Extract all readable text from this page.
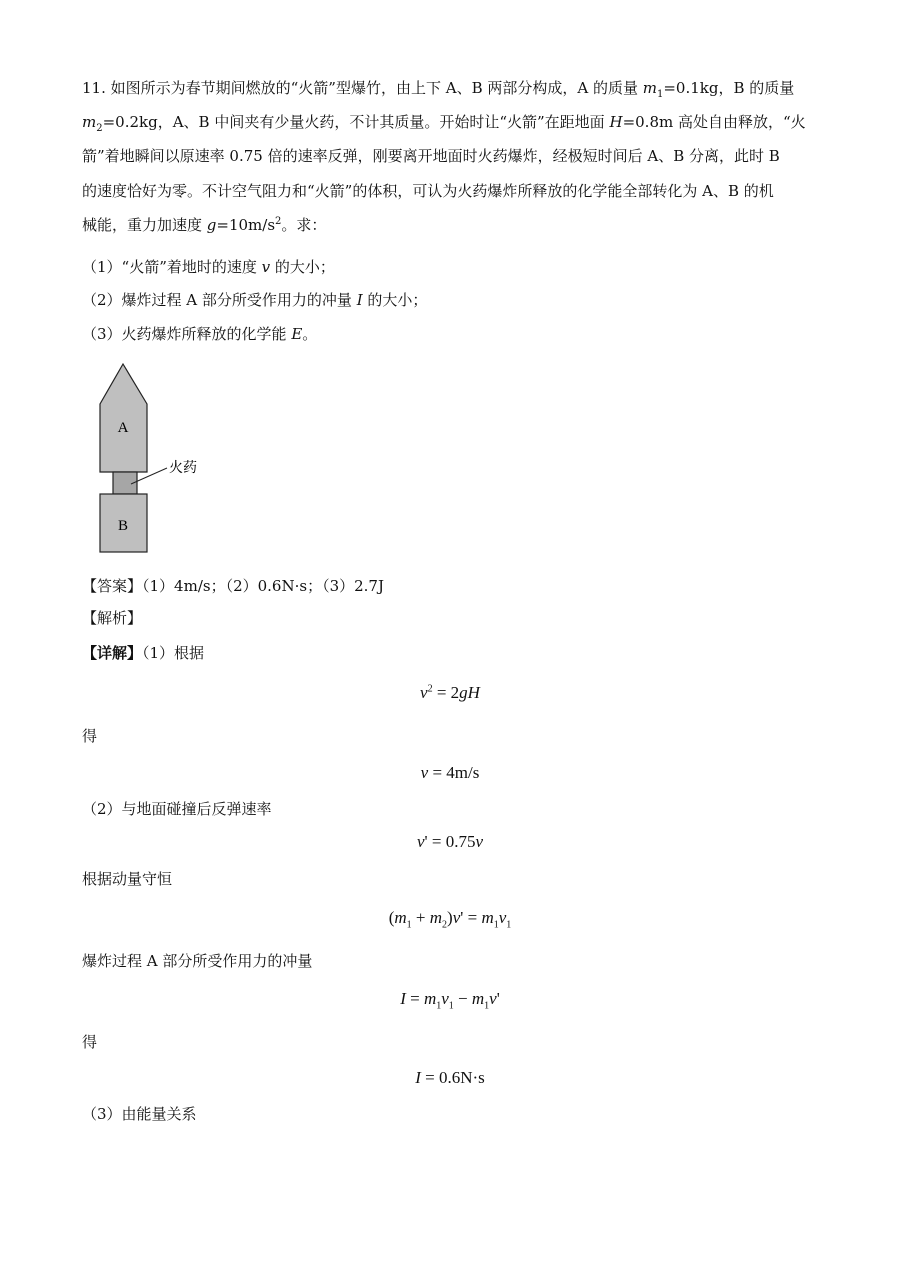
11. 如图所示为春节期间燃放的“火箭”型爆竹，由上下 A、B 两部分构成，A 的质量 $m_1=0.1kg$，B 的质量
$m_2=0.2kg$，A、B 中间夹有少量火药，不计其质量。开始时让“火箭”在距地面 H=0.8m 高处自由释放，“火
箭”着地瞬间以原速率 0.75 倍的速率反弹，刚要离开地面时火药爆炸，经极短时间后 A、B 分离，此时 B
的速度恰好为零。不计空气阻力和“火箭”的体积，可认为火药爆炸所释放的化学能全部转化为 A、B 的机
械能，重力加速度 $g=10m/s^2$。求：
（1）“火箭”着地时的速度 v 的大小；
（2）爆炸过程 A 部分所受作用力的冲量 I 的大小；
（3）火药爆炸所释放的化学能 E。
A
B
火药
【答案】（1）4m/s；（2）0.6N·s；（3）2.7J
【解析】
【详解】（1）根据
$v^2 = 2gH$
得
v = 4m/s
（2）与地面碰撞后反弹速率
v' = 0.75v
根据动量守恒
$(m_1 + m_2)v' = m_1v_1$
爆炸过程 A 部分所受作用力的冲量
$I = m_1v_1 - m_1v'$
得
I = 0.6N·s
（3）由能量关系
